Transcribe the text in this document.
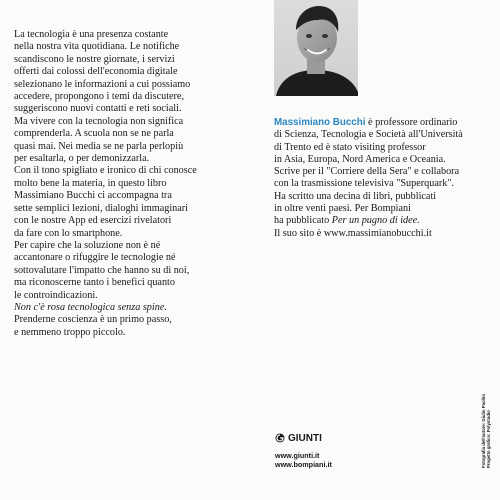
La tecnologia è una presenza costante
nella nostra vita quotidiana. Le notifiche
scandiscono le nostre giornate, i servizi
offerti dai colossi dell'economia digitale
selezionano le informazioni a cui possiamo
accedere, propongono i temi da discutere,
suggeriscono nuovi contatti e reti sociali.
Ma vivere con la tecnologia non significa
comprenderla. A scuola non se ne parla
quasi mai. Nei media se ne parla perlopiù
per esaltarla, o per demonizzarla.
Con il tono spigliato e ironico di chi conosce
molto bene la materia, in questo libro
Massimiano Bucchi ci accompagna tra
sette semplici lezioni, dialoghi immaginari
con le nostre App ed esercizi rivelatori
da fare con lo smartphone.
Per capire che la soluzione non è né
accantonare o rifuggire le tecnologie né
sottovalutare l'impatto che hanno su di noi,
ma riconoscerne tanto i benefici quanto
le controindicazioni.
Non c'è rosa tecnologica senza spine.
Prenderne coscienza è un primo passo,
e nemmeno troppo piccolo.
Massimiano Bucchi è professore ordinario
di Scienza, Tecnologia e Società all'Università
di Trento ed è stato visiting professor
in Asia, Europa, Nord America e Oceania.
Scrive per il "Corriere della Sera" e collabora
con la trasmissione televisiva "Superquark".
Ha scritto una decina di libri, pubblicati
in oltre venti paesi. Per Bompiani
ha pubblicato Per un pugno di idee.
Il suo sito è www.massimianobucchi.it
GIUNTI
www.giunti.it
www.bompiani.it	Fotografia dell'autore: Giulio Paolini Progetto grafico: Polystudio
